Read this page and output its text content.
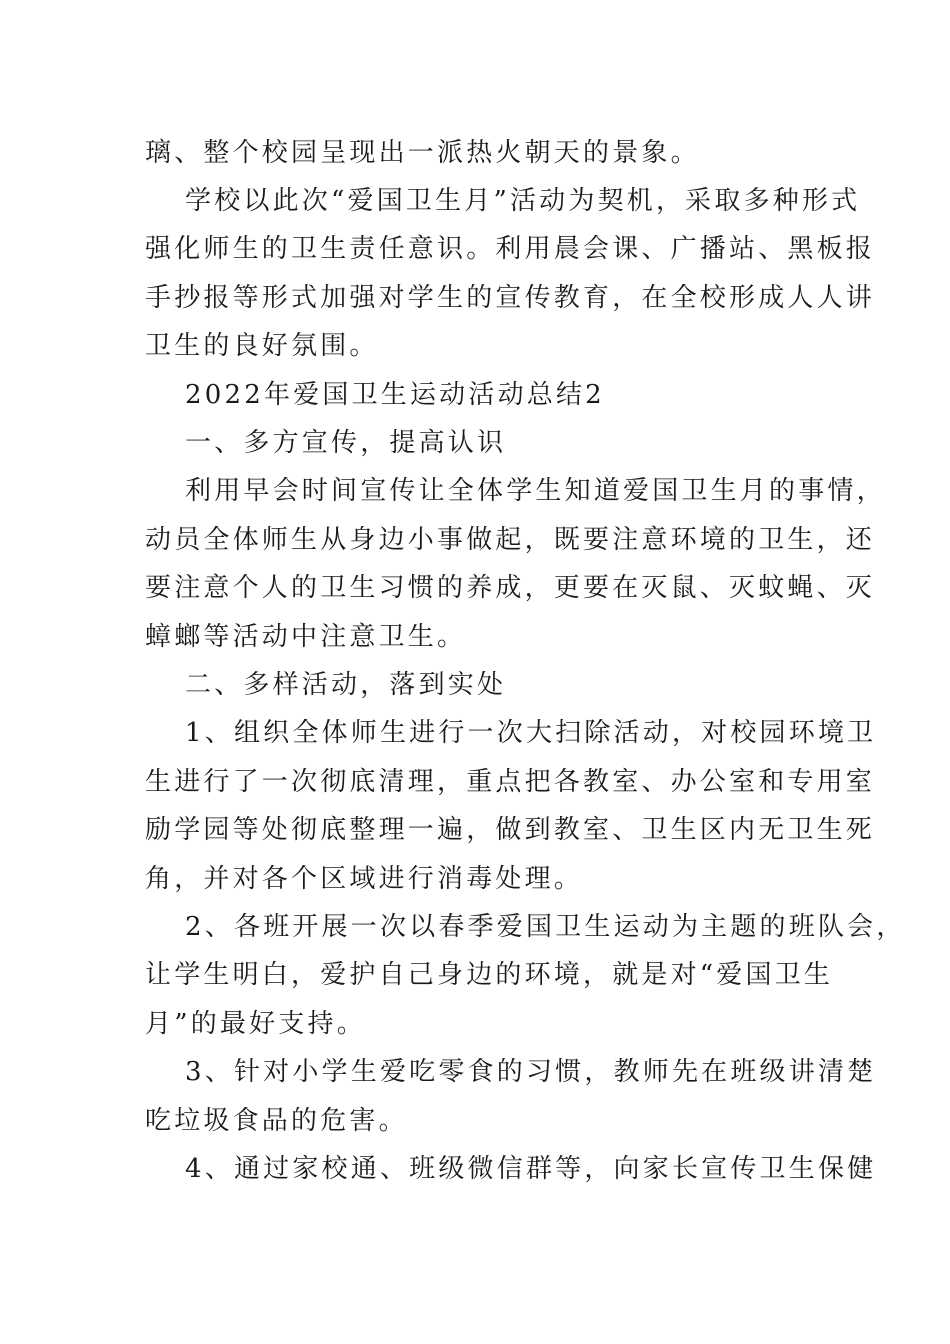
璃、整个校园呈现出一派热火朝天的景象。
学校以此次“爱国卫生月”活动为契机，采取多种形式
强化师生的卫生责任意识。利用晨会课、广播站、黑板报
手抄报等形式加强对学生的宣传教育，在全校形成人人讲
卫生的良好氛围。
2022年爱国卫生运动活动总结2
一、多方宣传，提高认识
利用早会时间宣传让全体学生知道爱国卫生月的事情，
动员全体师生从身边小事做起，既要注意环境的卫生，还
要注意个人的卫生习惯的养成，更要在灭鼠、灭蚊蝇、灭
蟑螂等活动中注意卫生。
二、多样活动，落到实处
1、组织全体师生进行一次大扫除活动，对校园环境卫
生进行了一次彻底清理，重点把各教室、办公室和专用室
励学园等处彻底整理一遍，做到教室、卫生区内无卫生死
角，并对各个区域进行消毒处理。
2、各班开展一次以春季爱国卫生运动为主题的班队会，
让学生明白，爱护自己身边的环境，就是对“爱国卫生
月”的最好支持。
3、针对小学生爱吃零食的习惯，教师先在班级讲清楚
吃垃圾食品的危害。
4、通过家校通、班级微信群等，向家长宣传卫生保健
